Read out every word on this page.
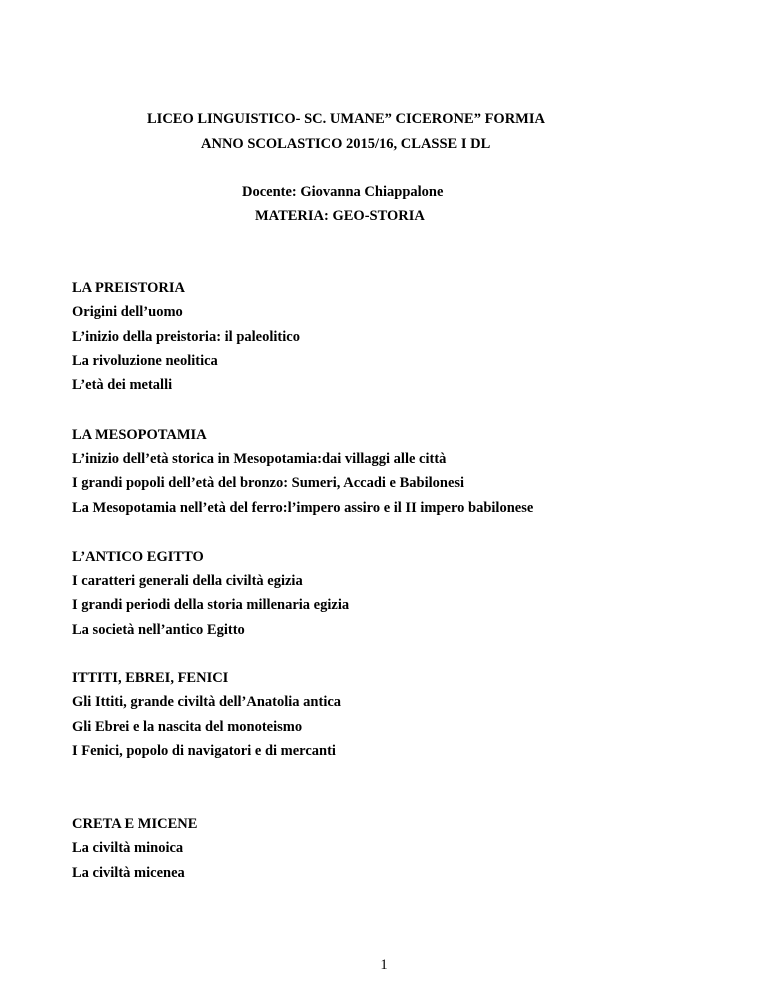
LICEO LINGUISTICO- SC. UMANE” CICERONE” FORMIA
ANNO SCOLASTICO 2015/16, CLASSE I DL
Docente: Giovanna Chiappalone
MATERIA: GEO-STORIA
LA PREISTORIA
Origini dell’uomo
L’inizio della preistoria: il paleolitico
La rivoluzione neolitica
L’età dei metalli
LA MESOPOTAMIA
L’inizio dell’età storica in Mesopotamia:dai villaggi alle città
I grandi popoli dell’età del bronzo: Sumeri, Accadi e Babilonesi
La Mesopotamia nell’età del ferro:l’impero assiro e il II impero babilonese
L’ANTICO EGITTO
I caratteri generali della civiltà egizia
I grandi periodi della storia millenaria egizia
La società nell’antico Egitto
ITTITI, EBREI, FENICI
Gli Ittiti, grande civiltà dell’Anatolia antica
Gli Ebrei e la nascita del monoteismo
I Fenici, popolo di navigatori e di mercanti
CRETA E MICENE
La civiltà minoica
La civiltà micenea
1
